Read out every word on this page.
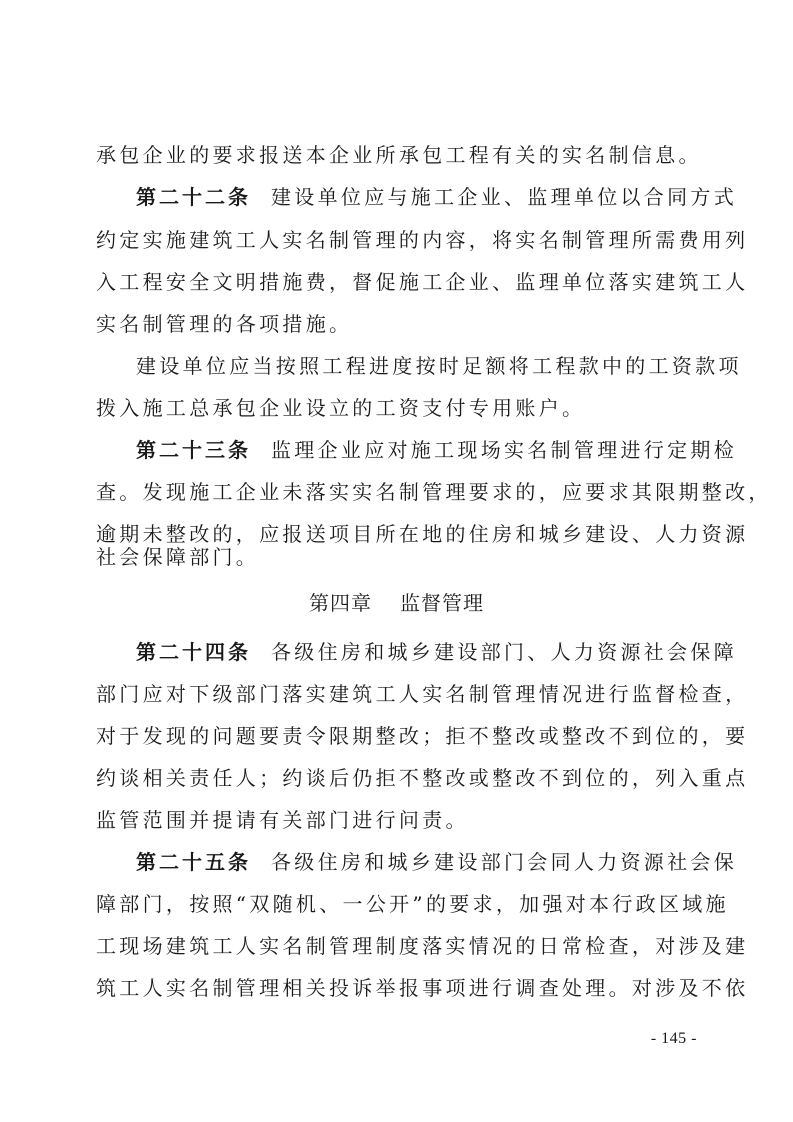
承包企业的要求报送本企业所承包工程有关的实名制信息。
第二十二条 建设单位应与施工企业、监理单位以合同方式
约定实施建筑工人实名制管理的内容，将实名制管理所需费用列
入工程安全文明措施费，督促施工企业、监理单位落实建筑工人
实名制管理的各项措施。
建设单位应当按照工程进度按时足额将工程款中的工资款项
拨入施工总承包企业设立的工资支付专用账户。
第二十三条 监理企业应对施工现场实名制管理进行定期检
查。发现施工企业未落实实名制管理要求的，应要求其限期整改，
逾期未整改的，应报送项目所在地的住房和城乡建设、人力资源
社会保障部门。
第四章 监督管理
第二十四条 各级住房和城乡建设部门、人力资源社会保障
部门应对下级部门落实建筑工人实名制管理情况进行监督检查，
对于发现的问题要责令限期整改；拒不整改或整改不到位的，要
约谈相关责任人；约谈后仍拒不整改或整改不到位的，列入重点
监管范围并提请有关部门进行问责。
第二十五条 各级住房和城乡建设部门会同人力资源社会保
障部门，按照“双随机、一公开”的要求，加强对本行政区域施
工现场建筑工人实名制管理制度落实情况的日常检查，对涉及建
筑工人实名制管理相关投诉举报事项进行调查处理。对涉及不依
- 145 -
